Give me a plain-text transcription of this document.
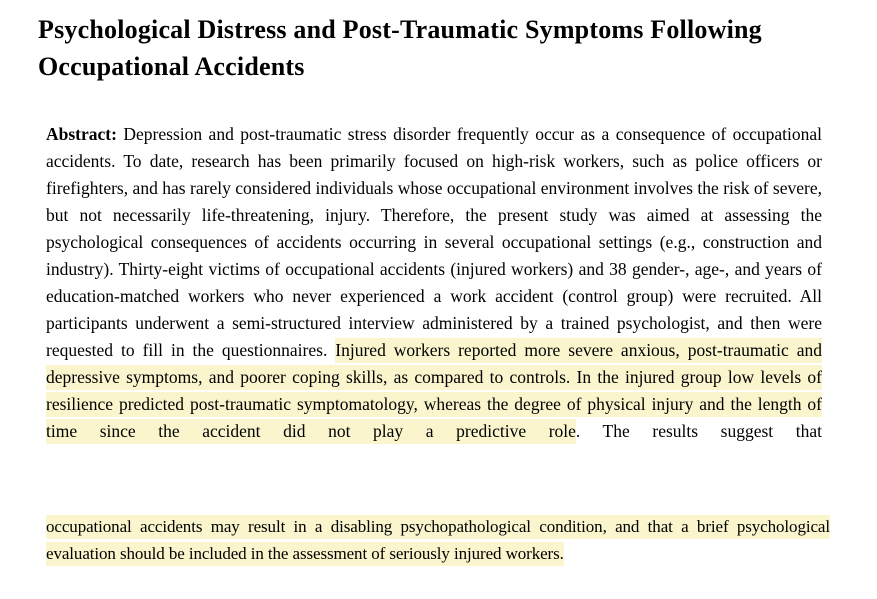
Psychological Distress and Post-Traumatic Symptoms Following Occupational Accidents

Abstract: Depression and post-traumatic stress disorder frequently occur as a consequence of occupational accidents. To date, research has been primarily focused on high-risk workers, such as police officers or firefighters, and has rarely considered individuals whose occupational environment involves the risk of severe, but not necessarily life-threatening, injury. Therefore, the present study was aimed at assessing the psychological consequences of accidents occurring in several occupational settings (e.g., construction and industry). Thirty-eight victims of occupational accidents (injured workers) and 38 gender-, age-, and years of education-matched workers who never experienced a work accident (control group) were recruited. All participants underwent a semi-structured interview administered by a trained psychologist, and then were requested to fill in the questionnaires. Injured workers reported more severe anxious, post-traumatic and depressive symptoms, and poorer coping skills, as compared to controls. In the injured group low levels of resilience predicted post-traumatic symptomatology, whereas the degree of physical injury and the length of time since the accident did not play a predictive role. The results suggest that

occupational accidents may result in a disabling psychopathological condition, and that a brief psychological evaluation should be included in the assessment of seriously injured workers.
